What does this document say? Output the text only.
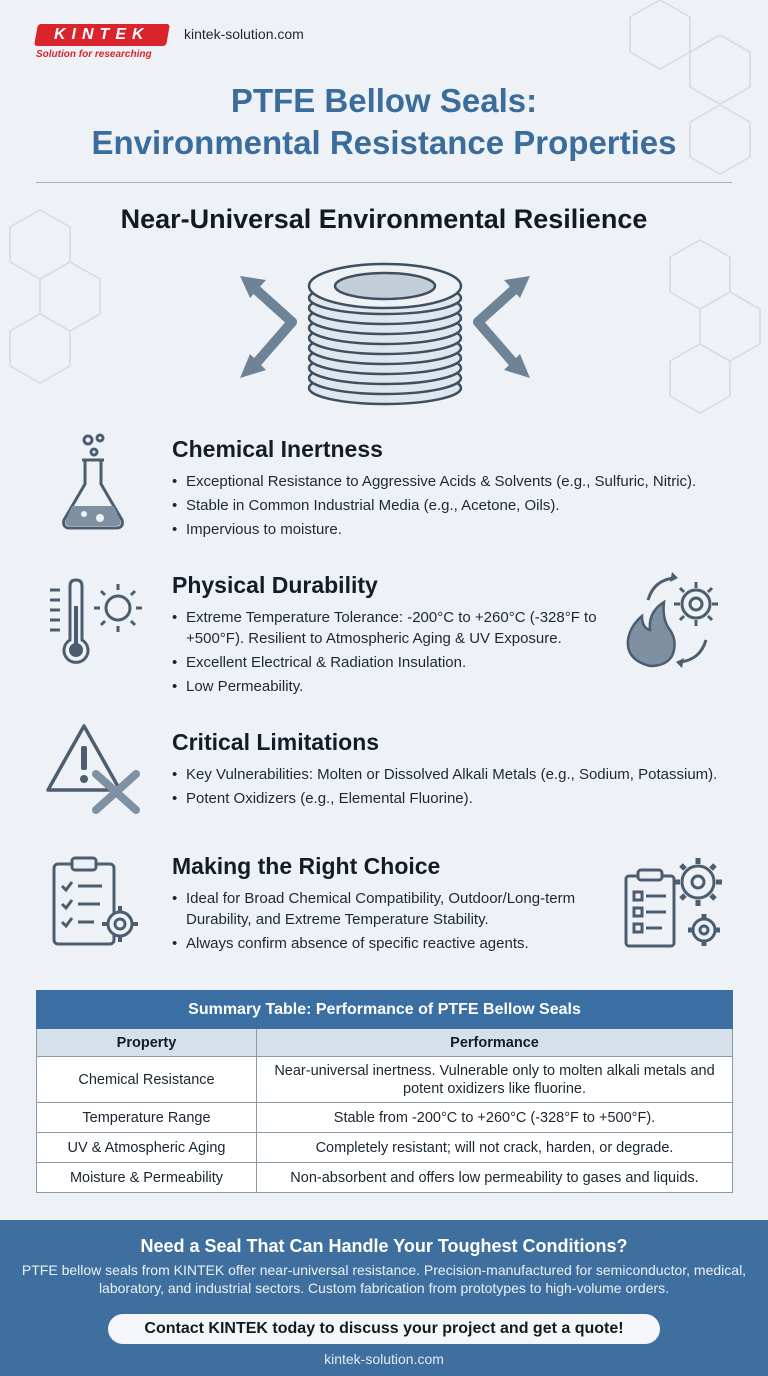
KINTEK
Solution for researching
kintek-solution.com
PTFE Bellow Seals:
Environmental Resistance Properties
Near-Universal Environmental Resilience
Chemical Inertness
• Exceptional Resistance to Aggressive Acids & Solvents (e.g., Sulfuric, Nitric).
• Stable in Common Industrial Media (e.g., Acetone, Oils).
• Impervious to moisture.
Physical Durability
• Extreme Temperature Tolerance: -200°C to +260°C (-328°F to +500°F). Resilient to Atmospheric Aging & UV Exposure.
• Excellent Electrical & Radiation Insulation.
• Low Permeability.
Critical Limitations
• Key Vulnerabilities: Molten or Dissolved Alkali Metals (e.g., Sodium, Potassium).
• Potent Oxidizers (e.g., Elemental Fluorine).
Making the Right Choice
• Ideal for Broad Chemical Compatibility, Outdoor/Long-term Durability, and Extreme Temperature Stability.
• Always confirm absence of specific reactive agents.
Summary Table: Performance of PTFE Bellow Seals	
Property	Performance
Chemical Resistance	Near-universal inertness. Vulnerable only to molten alkali metals and potent oxidizers like fluorine.
Temperature Range	Stable from -200°C to +260°C (-328°F to +500°F).
UV & Atmospheric Aging	Completely resistant; will not crack, harden, or degrade.
Moisture & Permeability	Non-absorbent and offers low permeability to gases and liquids.
Need a Seal That Can Handle Your Toughest Conditions?
PTFE bellow seals from KINTEK offer near-universal resistance. Precision-manufactured for semiconductor, medical, laboratory, and industrial sectors. Custom fabrication from prototypes to high-volume orders.
Contact KINTEK today to discuss your project and get a quote!
kintek-solution.com
